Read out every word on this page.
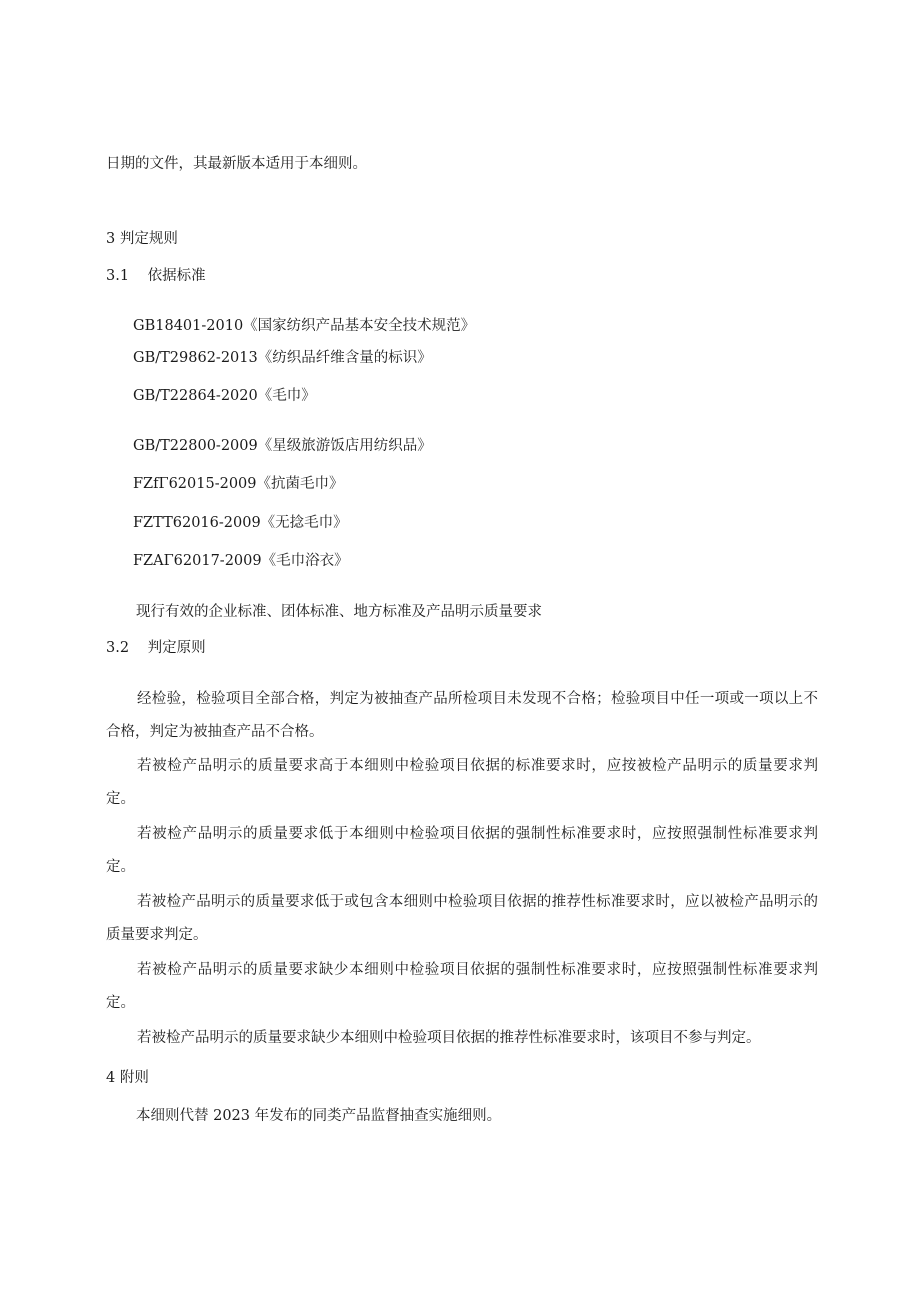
日期的文件，其最新版本适用于本细则。
3 判定规则
3.1 依据标准
GB18401-2010《国家纺织产品基本安全技术规范》
GB/T29862-2013《纺织品纤维含量的标识》
GB/T22864-2020《毛巾》
GB/T22800-2009《星级旅游饭店用纺织品》
FZfΓ62015-2009《抗菌毛巾》
FZTT62016-2009《无捻毛巾》
FZAΓ62017-2009《毛巾浴衣》
现行有效的企业标准、团体标准、地方标准及产品明示质量要求
3.2 判定原则
经检验，检验项目全部合格，判定为被抽查产品所检项目未发现不合格；检验项目中任一项或一项以上不合格，判定为被抽查产品不合格。
若被检产品明示的质量要求高于本细则中检验项目依据的标准要求时，应按被检产品明示的质量要求判定。
若被检产品明示的质量要求低于本细则中检验项目依据的强制性标准要求时，应按照强制性标准要求判定。
若被检产品明示的质量要求低于或包含本细则中检验项目依据的推荐性标准要求时，应以被检产品明示的质量要求判定。
若被检产品明示的质量要求缺少本细则中检验项目依据的强制性标准要求时，应按照强制性标准要求判定。
若被检产品明示的质量要求缺少本细则中检验项目依据的推荐性标准要求时，该项目不参与判定。
4 附则
本细则代替 2023 年发布的同类产品监督抽查实施细则。
